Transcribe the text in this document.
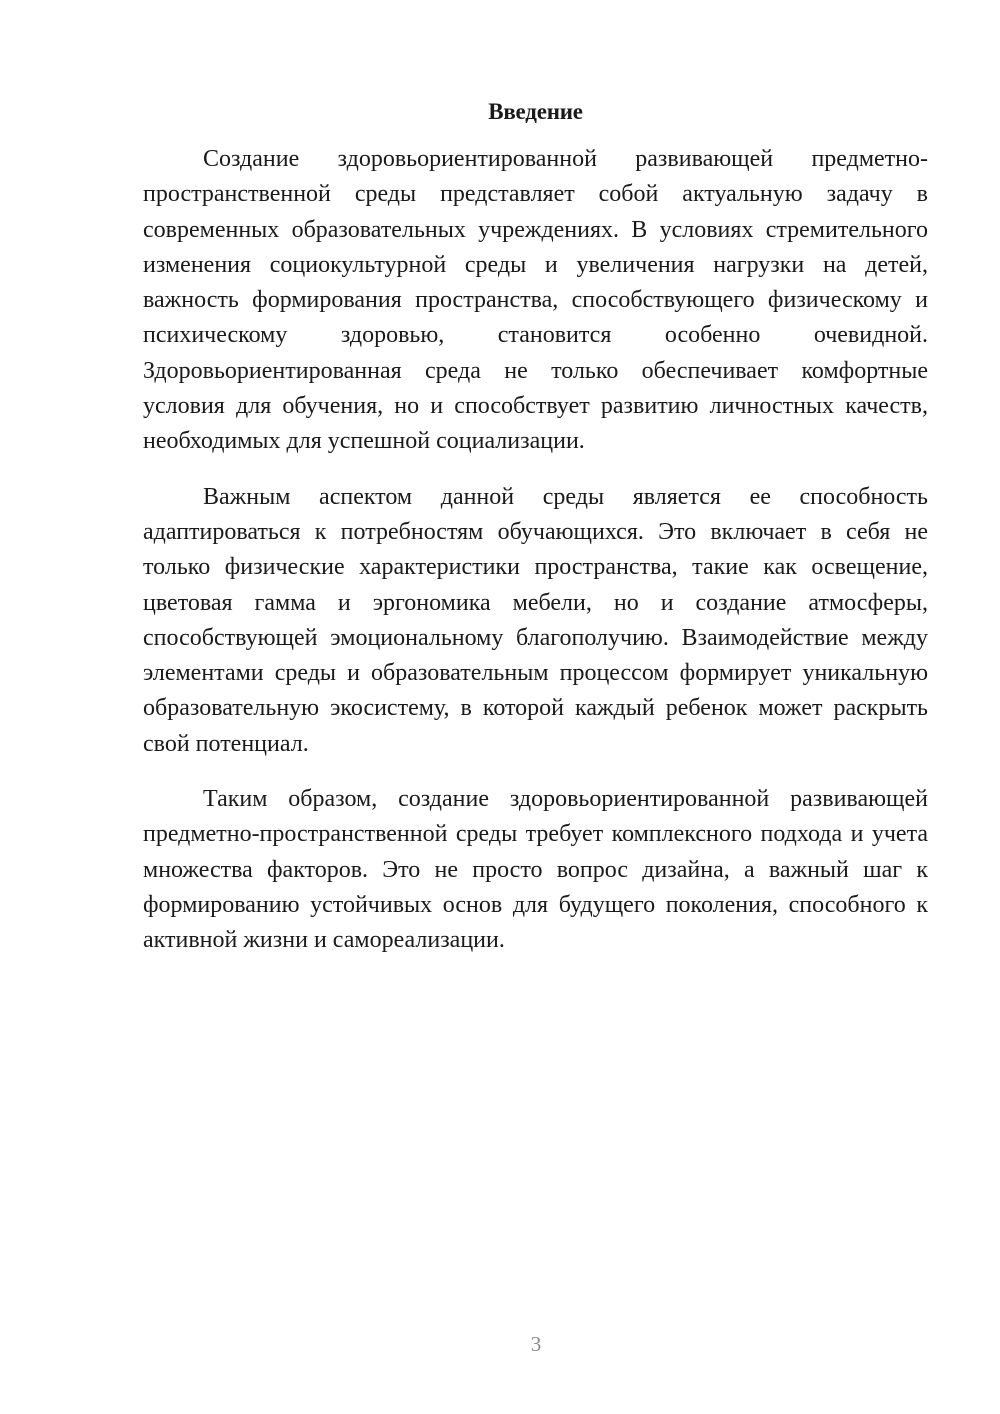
Введение

Создание здоровьориентированной развивающей предметно-пространственной среды представляет собой актуальную задачу в современных образовательных учреждениях. В условиях стремительного изменения социокультурной среды и увеличения нагрузки на детей, важность формирования пространства, способствующего физическому и психическому здоровью, становится особенно очевидной. Здоровьориентированная среда не только обеспечивает комфортные условия для обучения, но и способствует развитию личностных качеств, необходимых для успешной социализации.

Важным аспектом данной среды является ее способность адаптироваться к потребностям обучающихся. Это включает в себя не только физические характеристики пространства, такие как освещение, цветовая гамма и эргономика мебели, но и создание атмосферы, способствующей эмоциональному благополучию. Взаимодействие между элементами среды и образовательным процессом формирует уникальную образовательную экосистему, в которой каждый ребенок может раскрыть свой потенциал.

Таким образом, создание здоровьориентированной развивающей предметно-пространственной среды требует комплексного подхода и учета множества факторов. Это не просто вопрос дизайна, а важный шаг к формированию устойчивых основ для будущего поколения, способного к активной жизни и самореализации.

3
